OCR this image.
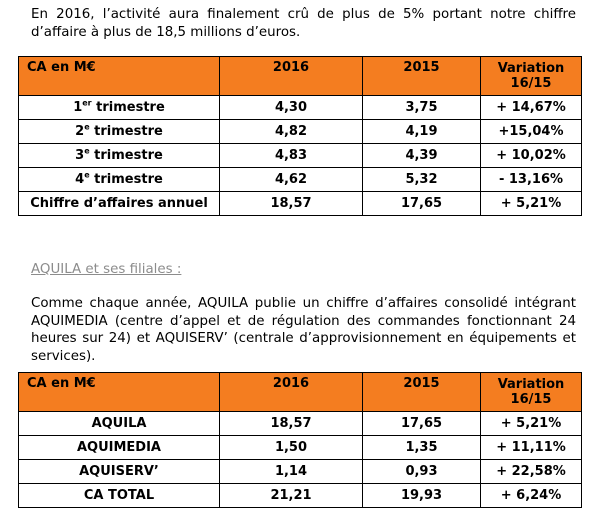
En 2016, l’activité aura finalement crû de plus de 5% portant notre chiffre d’affaire à plus de 18,5 millions d’euros.

CA en M€	2016	2015	Variation 16/15
1er trimestre	4,30	3,75	+ 14,67%
2e trimestre	4,82	4,19	+15,04%
3e trimestre	4,83	4,39	+ 10,02%
4e trimestre	4,62	5,32	- 13,16%
Chiffre d’affaires annuel	18,57	17,65	+ 5,21%

AQUILA et ses filiales :

Comme chaque année, AQUILA publie un chiffre d’affaires consolidé intégrant AQUIMEDIA (centre d’appel et de régulation des commandes fonctionnant 24 heures sur 24) et AQUISERV’ (centrale d’approvisionnement en équipements et services).

CA en M€	2016	2015	Variation 16/15
AQUILA	18,57	17,65	+ 5,21%
AQUIMEDIA	1,50	1,35	+ 11,11%
AQUISERV’	1,14	0,93	+ 22,58%
CA TOTAL	21,21	19,93	+ 6,24%
